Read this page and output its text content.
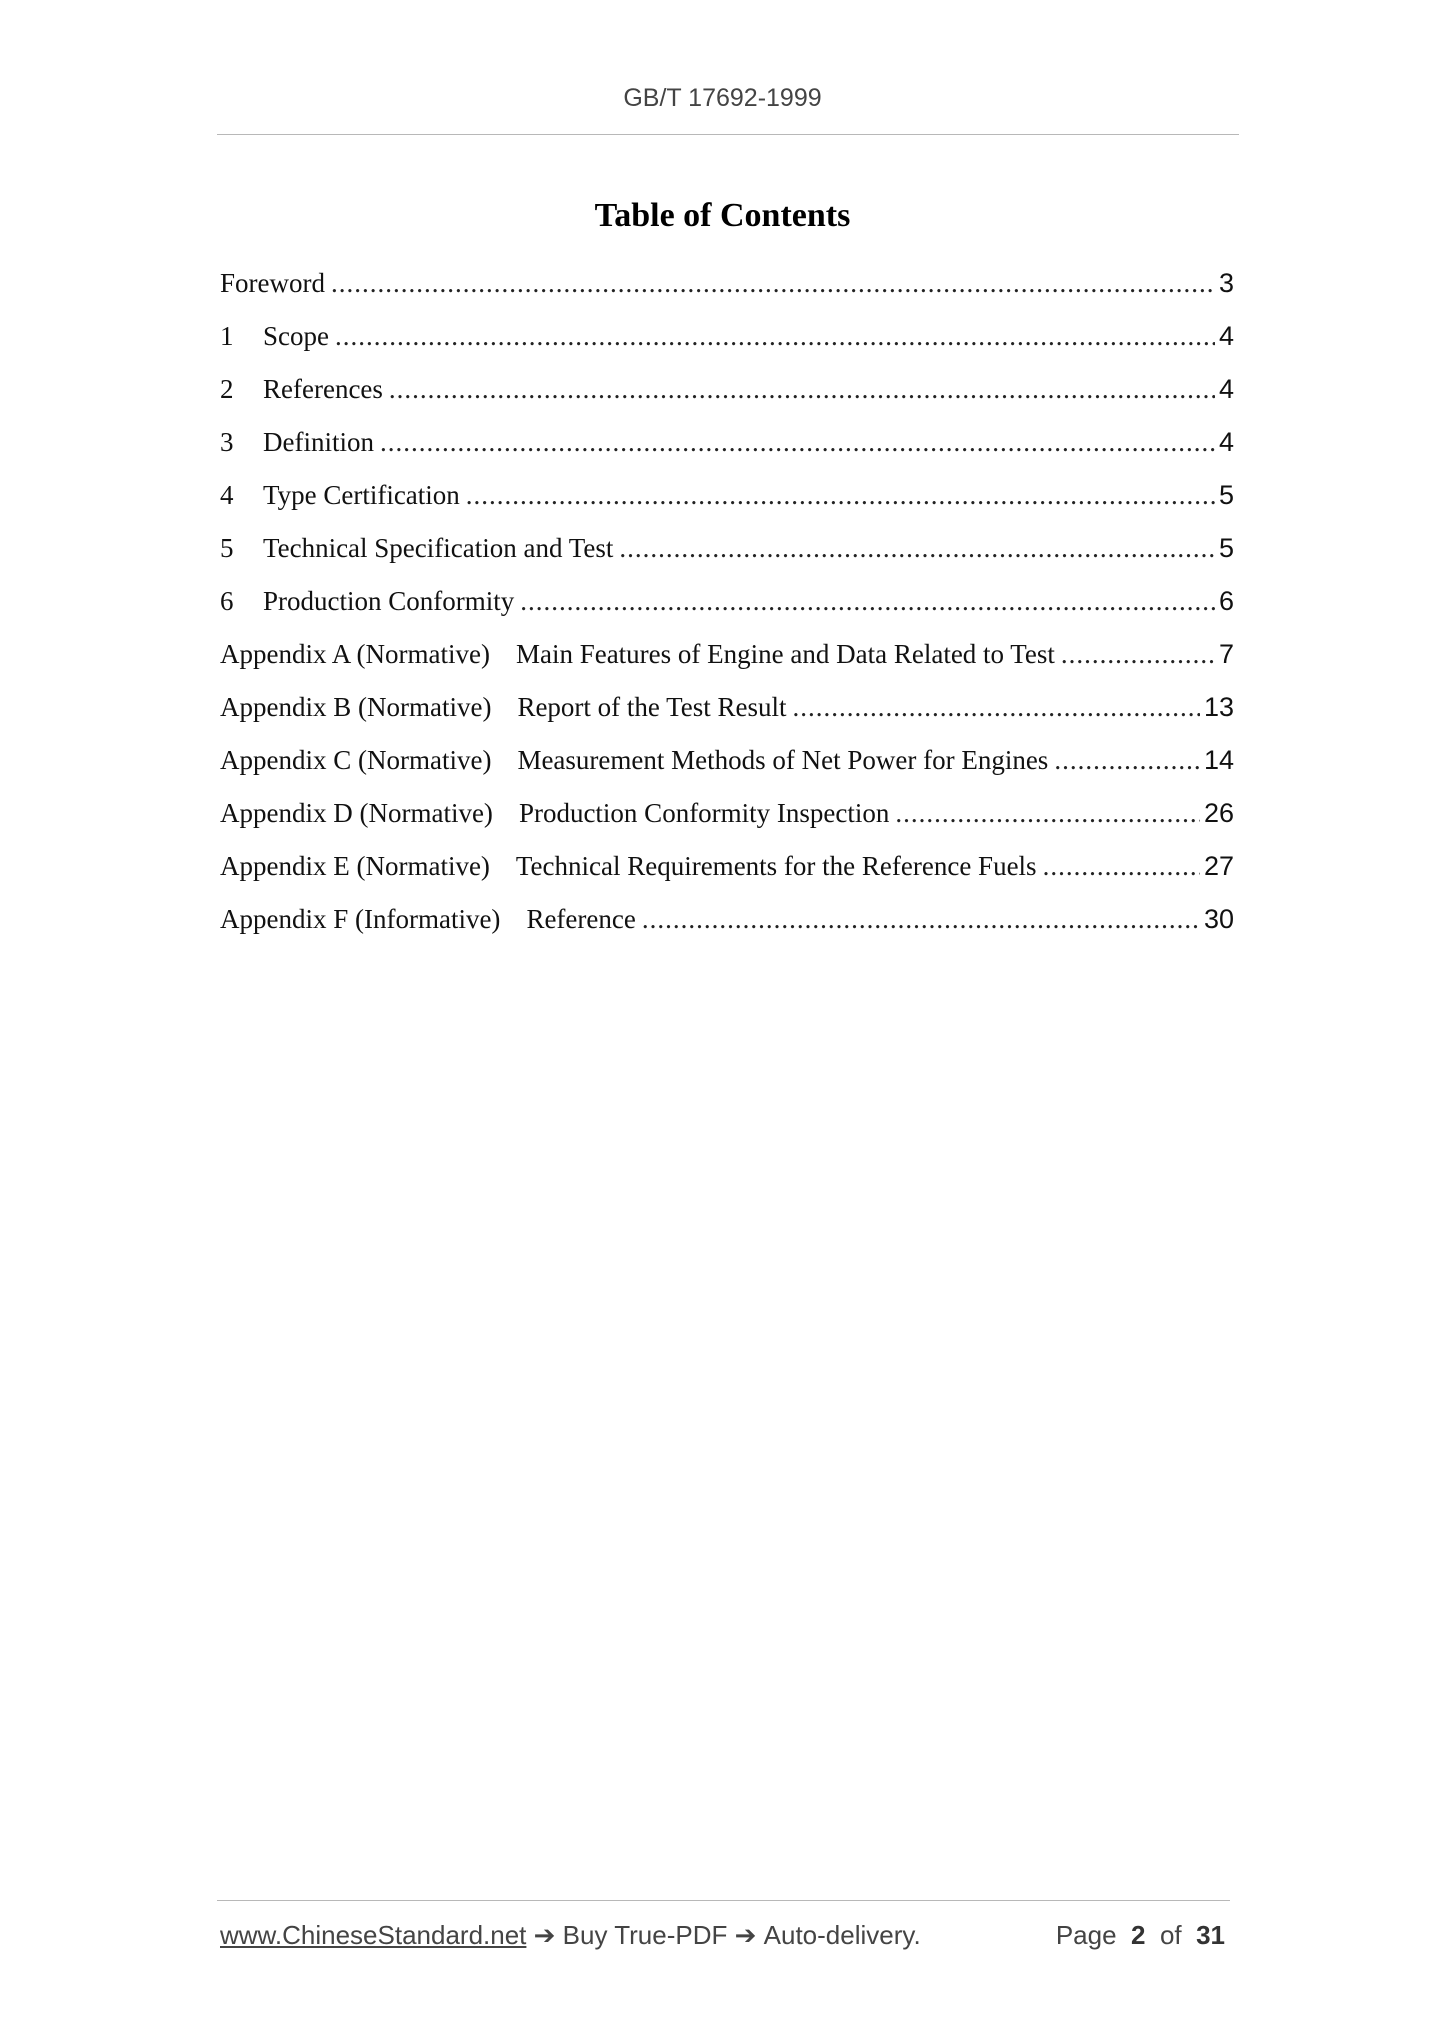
GB/T 17692-1999
Table of Contents
Foreword .....	3
1	Scope .....	4
2	References .....	4
3	Definition .....	4
4	Type Certification .....	5
5	Technical Specification and Test .....	5
6	Production Conformity .....	6
Appendix A (Normative) Main Features of Engine and Data Related to Test .....	7
Appendix B (Normative) Report of the Test Result .....	13
Appendix C (Normative) Measurement Methods of Net Power for Engines .....	14
Appendix D (Normative) Production Conformity Inspection .....	26
Appendix E (Normative) Technical Requirements for the Reference Fuels .....	27
Appendix F (Informative) Reference .....	30
www.ChineseStandard.net
➔
Buy True-PDF
➔
Auto-delivery.	Page
2
of
31
